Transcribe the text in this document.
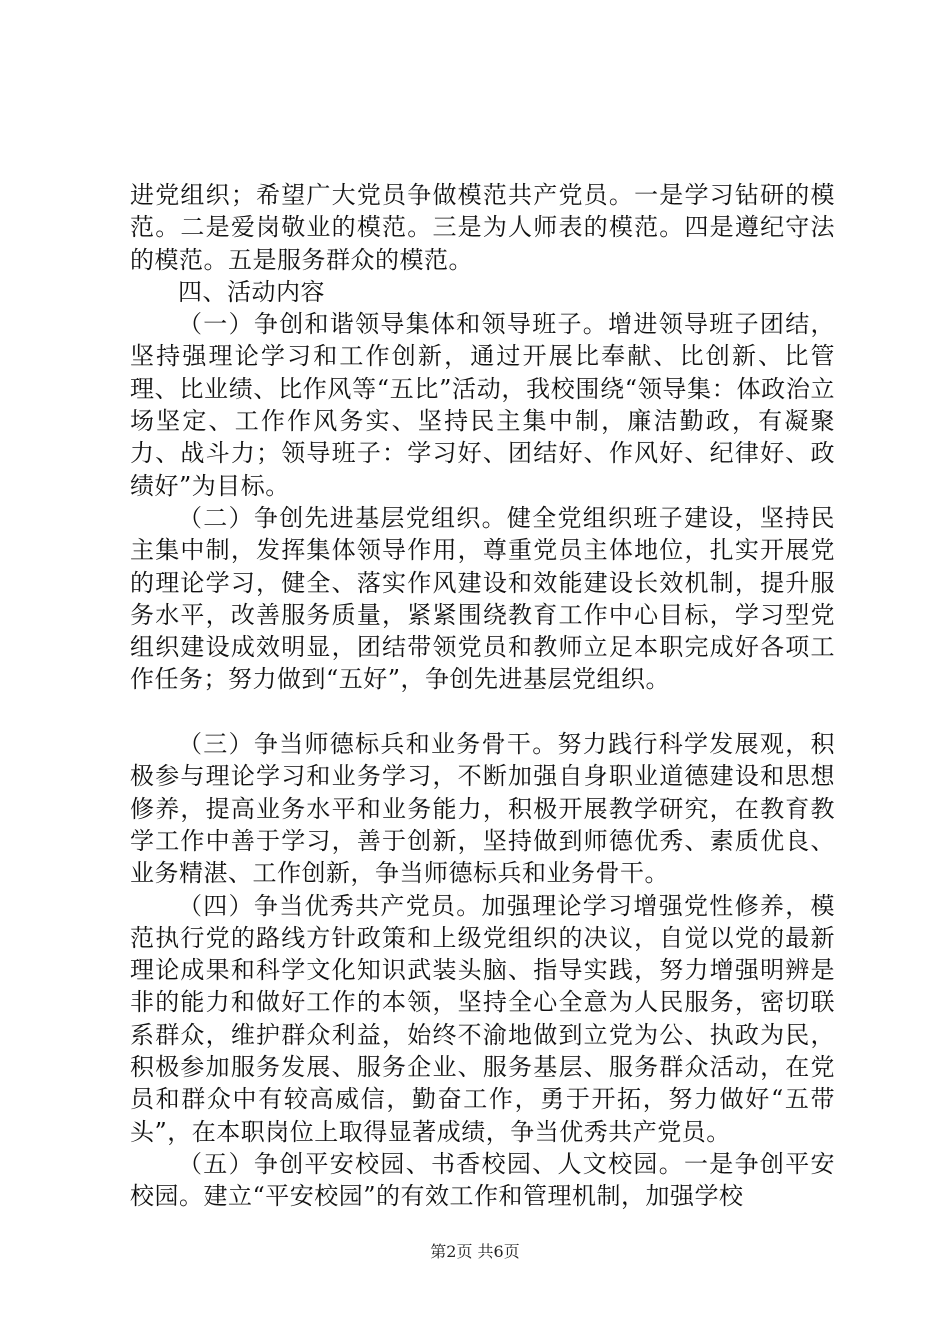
进党组织；希望广大党员争做模范共产党员。一是学习钻研的模范。二是爱岗敬业的模范。三是为人师表的模范。四是遵纪守法的模范。五是服务群众的模范。

四、活动内容

（一）争创和谐领导集体和领导班子。增进领导班子团结，坚持强理论学习和工作创新，通过开展比奉献、比创新、比管理、比业绩、比作风等“五比”活动，我校围绕“领导集：体政治立场坚定、工作作风务实、坚持民主集中制，廉洁勤政，有凝聚力、战斗力；领导班子：学习好、团结好、作风好、纪律好、政绩好”为目标。

（二）争创先进基层党组织。健全党组织班子建设，坚持民主集中制，发挥集体领导作用，尊重党员主体地位，扎实开展党的理论学习，健全、落实作风建设和效能建设长效机制，提升服务水平，改善服务质量，紧紧围绕教育工作中心目标，学习型党组织建设成效明显，团结带领党员和教师立足本职完成好各项工作任务；努力做到“五好”，争创先进基层党组织。

（三）争当师德标兵和业务骨干。努力践行科学发展观，积极参与理论学习和业务学习，不断加强自身职业道德建设和思想修养，提高业务水平和业务能力，积极开展教学研究，在教育教学工作中善于学习，善于创新，坚持做到师德优秀、素质优良、业务精湛、工作创新，争当师德标兵和业务骨干。

（四）争当优秀共产党员。加强理论学习增强党性修养，模范执行党的路线方针政策和上级党组织的决议，自觉以党的最新理论成果和科学文化知识武装头脑、指导实践，努力增强明辨是非的能力和做好工作的本领，坚持全心全意为人民服务，密切联系群众，维护群众利益，始终不渝地做到立党为公、执政为民，积极参加服务发展、服务企业、服务基层、服务群众活动，在党员和群众中有较高威信，勤奋工作，勇于开拓，努力做好“五带头”，在本职岗位上取得显著成绩，争当优秀共产党员。

（五）争创平安校园、书香校园、人文校园。一是争创平安校园。建立“平安校园”的有效工作和管理机制，加强学校

第2页 共6页
